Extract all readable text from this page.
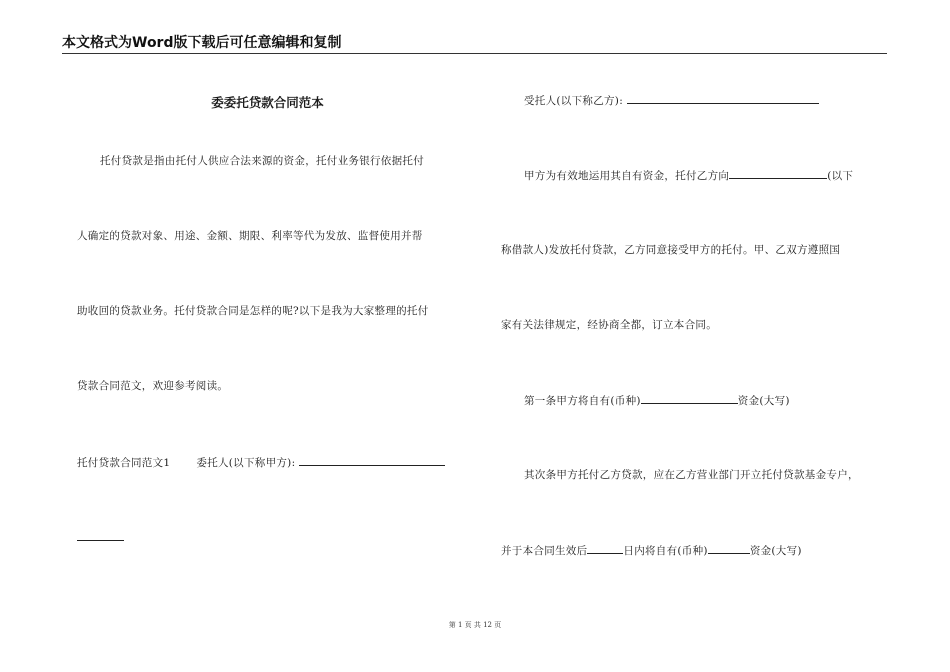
本文格式为Word版下载后可任意编辑和复制
委委托贷款合同范本
托付贷款是指由托付人供应合法来源的资金，托付业务银行依据托付
人确定的贷款对象、用途、金额、期限、利率等代为发放、监督使用并帮
助收回的贷款业务。托付贷款合同是怎样的呢?以下是我为大家整理的托付
贷款合同范文，欢迎参考阅读。
托付贷款合同范文1 委托人(以下称甲方):
受托人(以下称乙方):
甲方为有效地运用其自有资金，托付乙方向	(以下
称借款人)发放托付贷款，乙方同意接受甲方的托付。甲、乙双方遵照国
家有关法律规定，经协商全都，订立本合同。
第一条甲方将自有(币种)	资金(大写)
其次条甲方托付乙方贷款，应在乙方营业部门开立托付贷款基金专户，
并于本合同生效后	日内将自有(币种)	资金(大写)
第 1 页 共 12 页
